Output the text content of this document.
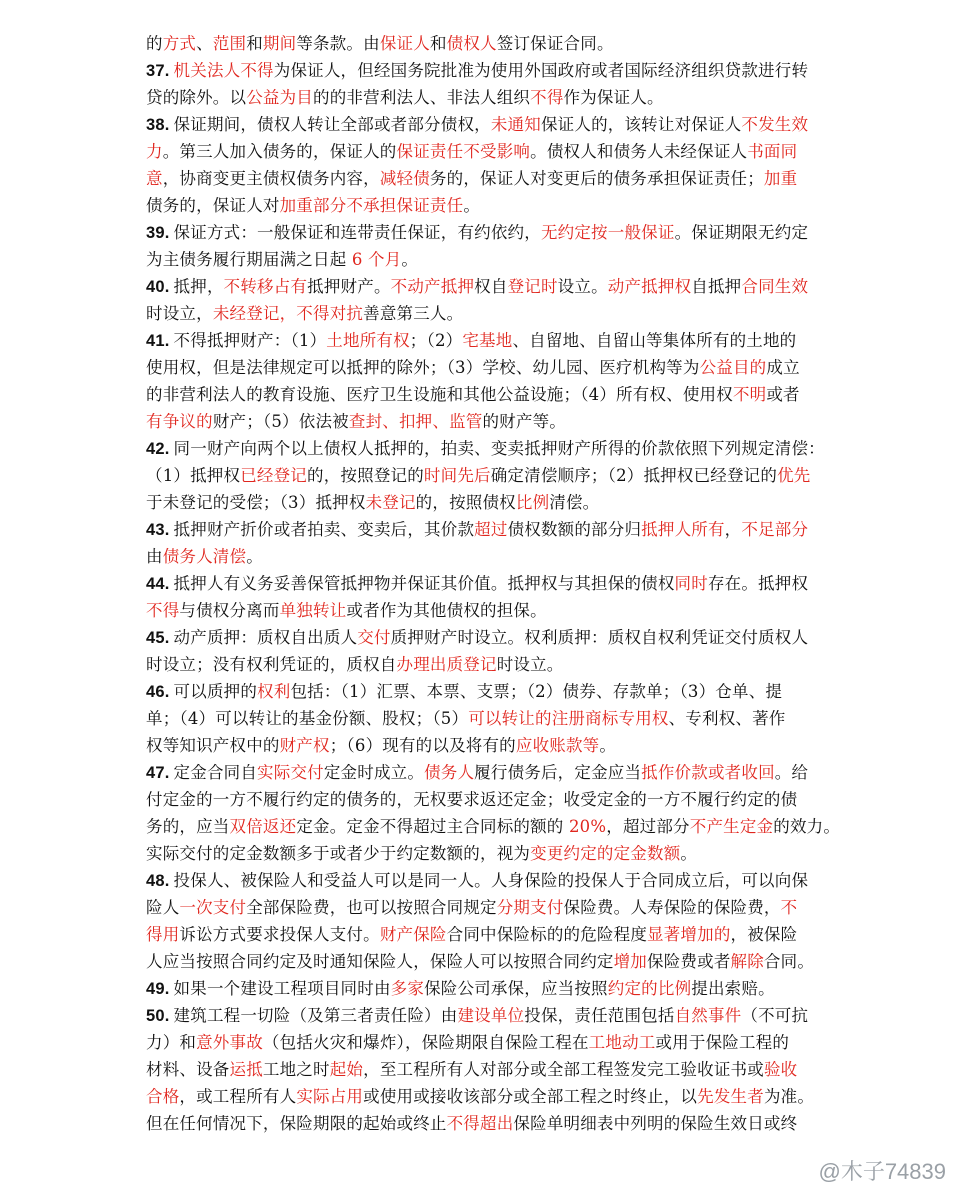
的方式、范围和期间等条款。由保证人和债权人签订保证合同。
37. 机关法人不得为保证人，但经国务院批准为使用外国政府或者国际经济组织贷款进行转
贷的除外。以公益为目的的非营利法人、非法人组织不得作为保证人。
38. 保证期间，债权人转让全部或者部分债权，未通知保证人的，该转让对保证人不发生效
力。第三人加入债务的，保证人的保证责任不受影响。债权人和债务人未经保证人书面同
意，协商变更主债权债务内容，减轻债务的，保证人对变更后的债务承担保证责任；加重
债务的，保证人对加重部分不承担保证责任。
39. 保证方式：一般保证和连带责任保证，有约依约，无约定按一般保证。保证期限无约定
为主债务履行期届满之日起 6 个月。
40. 抵押，不转移占有抵押财产。不动产抵押权自登记时设立。动产抵押权自抵押合同生效
时设立，未经登记，不得对抗善意第三人。
41. 不得抵押财产：（1）土地所有权；（2）宅基地、自留地、自留山等集体所有的土地的
使用权，但是法律规定可以抵押的除外；（3）学校、幼儿园、医疗机构等为公益目的成立
的非营利法人的教育设施、医疗卫生设施和其他公益设施；（4）所有权、使用权不明或者
有争议的财产；（5）依法被查封、扣押、监管的财产等。
42. 同一财产向两个以上债权人抵押的，拍卖、变卖抵押财产所得的价款依照下列规定清偿：
（1）抵押权已经登记的，按照登记的时间先后确定清偿顺序；（2）抵押权已经登记的优先
于未登记的受偿；（3）抵押权未登记的，按照债权比例清偿。
43. 抵押财产折价或者拍卖、变卖后，其价款超过债权数额的部分归抵押人所有，不足部分
由债务人清偿。
44. 抵押人有义务妥善保管抵押物并保证其价值。抵押权与其担保的债权同时存在。抵押权
不得与债权分离而单独转让或者作为其他债权的担保。
45. 动产质押：质权自出质人交付质押财产时设立。权利质押：质权自权利凭证交付质权人
时设立；没有权利凭证的，质权自办理出质登记时设立。
46. 可以质押的权利包括：（1）汇票、本票、支票；（2）债券、存款单；（3）仓单、提
单；（4）可以转让的基金份额、股权；（5）可以转让的注册商标专用权、专利权、著作
权等知识产权中的财产权；（6）现有的以及将有的应收账款等。
47. 定金合同自实际交付定金时成立。债务人履行债务后，定金应当抵作价款或者收回。给
付定金的一方不履行约定的债务的，无权要求返还定金；收受定金的一方不履行约定的债
务的，应当双倍返还定金。定金不得超过主合同标的额的 20%，超过部分不产生定金的效力。
实际交付的定金数额多于或者少于约定数额的，视为变更约定的定金数额。
48. 投保人、被保险人和受益人可以是同一人。人身保险的投保人于合同成立后，可以向保
险人一次支付全部保险费，也可以按照合同规定分期支付保险费。人寿保险的保险费，不
得用诉讼方式要求投保人支付。财产保险合同中保险标的的危险程度显著增加的，被保险
人应当按照合同约定及时通知保险人，保险人可以按照合同约定增加保险费或者解除合同。
49. 如果一个建设工程项目同时由多家保险公司承保，应当按照约定的比例提出索赔。
50. 建筑工程一切险（及第三者责任险）由建设单位投保，责任范围包括自然事件（不可抗
力）和意外事故（包括火灾和爆炸），保险期限自保险工程在工地动工或用于保险工程的
材料、设备运抵工地之时起始，至工程所有人对部分或全部工程签发完工验收证书或验收
合格，或工程所有人实际占用或使用或接收该部分或全部工程之时终止，以先发生者为准。
但在任何情况下，保险期限的起始或终止不得超出保险单明细表中列明的保险生效日或终
@木子74839
